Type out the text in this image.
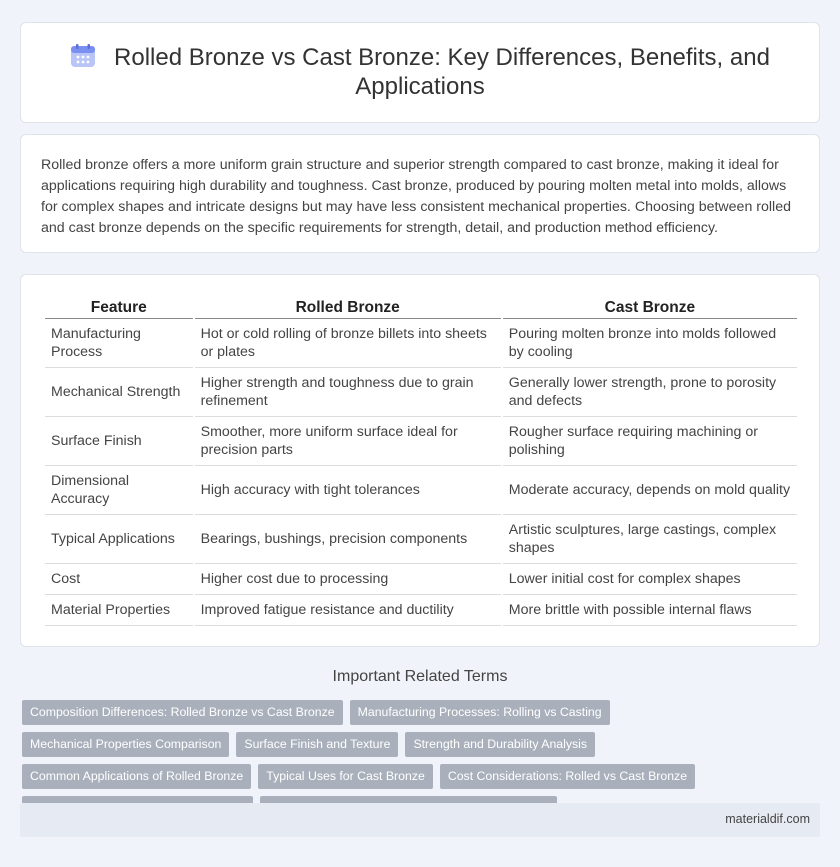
Rolled Bronze vs Cast Bronze: Key Differences, Benefits, and Applications

Rolled bronze offers a more uniform grain structure and superior strength compared to cast bronze, making it ideal for applications requiring high durability and toughness. Cast bronze, produced by pouring molten metal into molds, allows for complex shapes and intricate designs but may have less consistent mechanical properties. Choosing between rolled and cast bronze depends on the specific requirements for strength, detail, and production method efficiency.

Feature	Rolled Bronze	Cast Bronze
Manufacturing Process	Hot or cold rolling of bronze billets into sheets or plates	Pouring molten bronze into molds followed by cooling
Mechanical Strength	Higher strength and toughness due to grain refinement	Generally lower strength, prone to porosity and defects
Surface Finish	Smoother, more uniform surface ideal for precision parts	Rougher surface requiring machining or polishing
Dimensional Accuracy	High accuracy with tight tolerances	Moderate accuracy, depends on mold quality
Typical Applications	Bearings, bushings, precision components	Artistic sculptures, large castings, complex shapes
Cost	Higher cost due to processing	Lower initial cost for complex shapes
Material Properties	Improved fatigue resistance and ductility	More brittle with possible internal flaws
Important Related Terms
Composition Differences: Rolled Bronze vs Cast Bronze	Manufacturing Processes: Rolling vs Casting
Mechanical Properties Comparison	Surface Finish and Texture	Strength and Durability Analysis
Common Applications of Rolled Bronze	Typical Uses for Cast Bronze	Cost Considerations: Rolled vs Cast Bronze
materialdif.com
